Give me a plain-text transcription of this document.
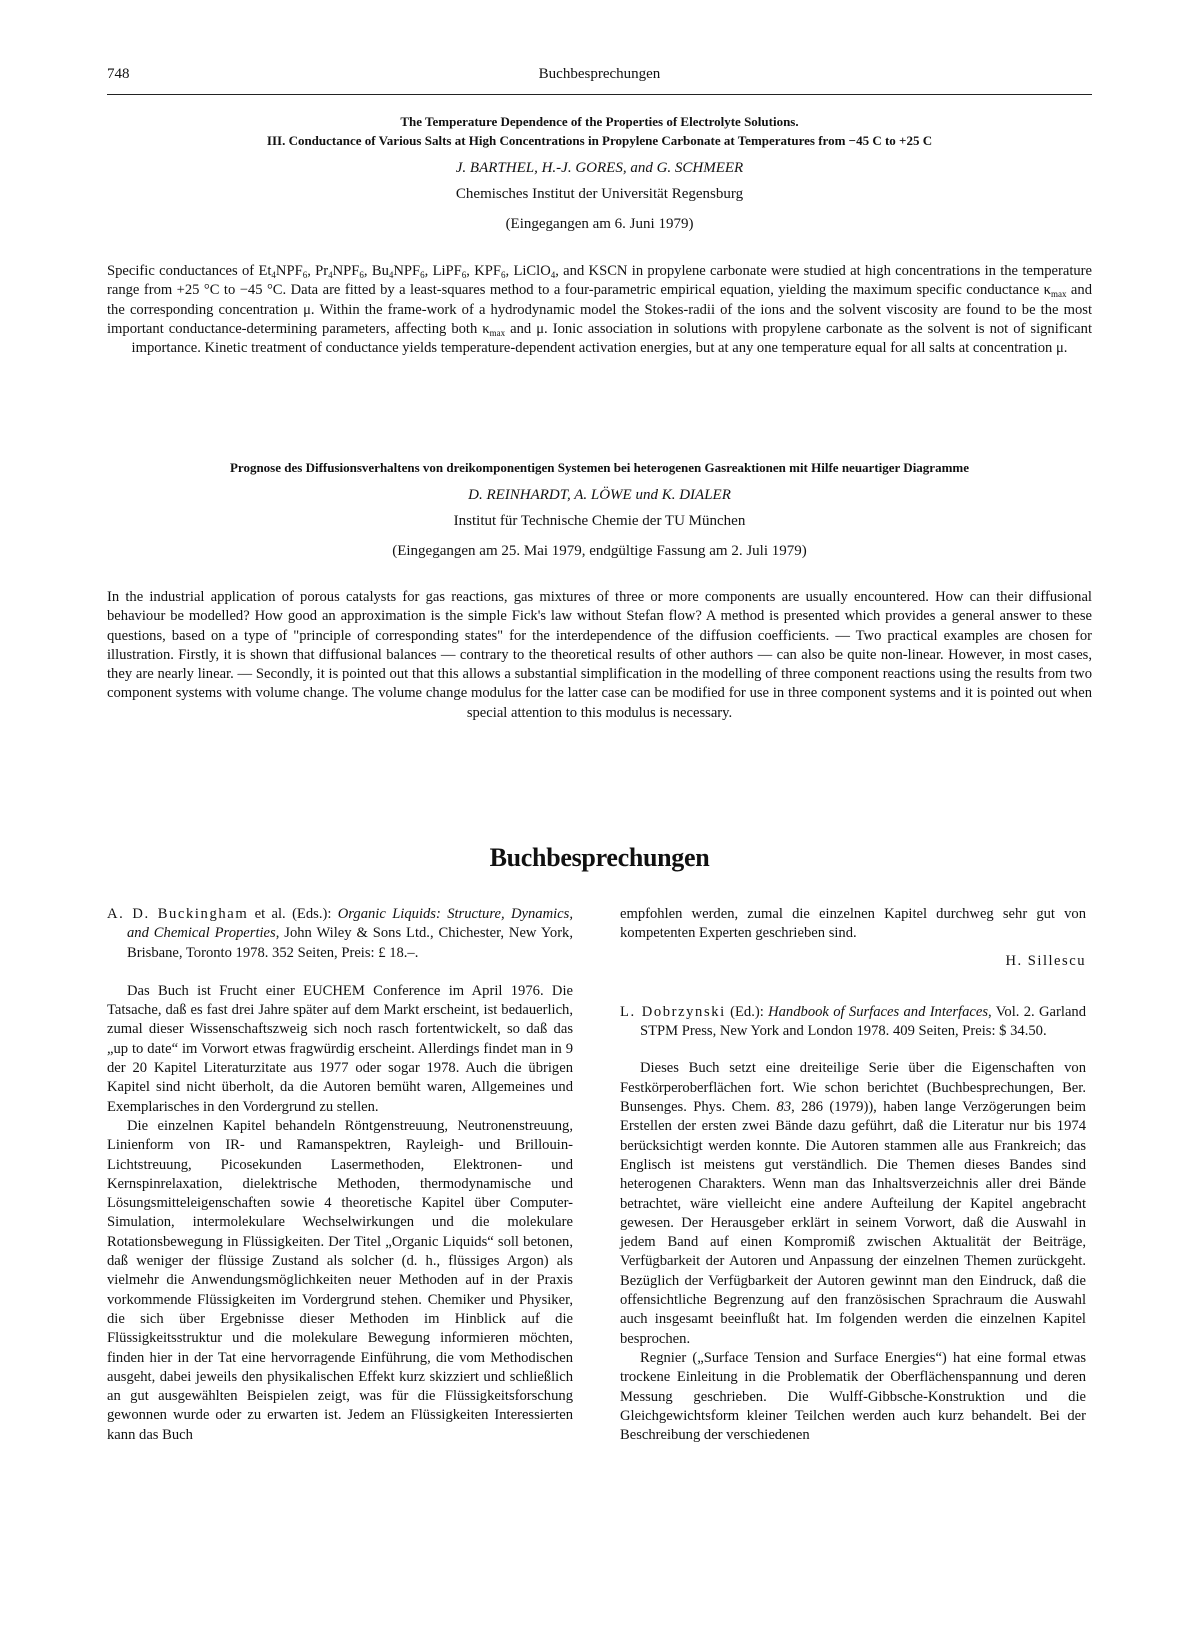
748	Buchbesprechungen

The Temperature Dependence of the Properties of Electrolyte Solutions.
III. Conductance of Various Salts at High Concentrations in Propylene Carbonate at Temperatures from −45 C to +25 C

J. BARTHEL, H.-J. GORES, and G. SCHMEER

Chemisches Institut der Universität Regensburg

(Eingegangen am 6. Juni 1979)

Specific conductances of $Et_4NPF_6$, $Pr_4NPF_6$, $Bu_4NPF_6$, LiPF$_6$, $KPF_6$, LiClO$_4$, and KSCN in propylene carbonate were studied at high concentrations in the temperature range from +25 °C to −45 °C. Data are fitted by a least-squares method to a four-parametric empirical equation, yielding the maximum specific conductance $\kappa_{max}$ and the corresponding concentration μ. Within the frame-work of a hydrodynamic model the Stokes-radii of the ions and the solvent viscosity are found to be the most important conductance-determining parameters, affecting both $\kappa_{max}$ and μ. Ionic association in solutions with propylene carbonate as the solvent is not of significant importance. Kinetic treatment of conductance yields temperature-dependent activation energies, but at any one temperature equal for all salts at concentration μ.

Prognose des Diffusionsverhaltens von dreikomponentigen Systemen bei heterogenen Gasreaktionen mit Hilfe neuartiger Diagramme

D. REINHARDT, A. LÖWE und K. DIALER

Institut für Technische Chemie der TU München

(Eingegangen am 25. Mai 1979, endgültige Fassung am 2. Juli 1979)

In the industrial application of porous catalysts for gas reactions, gas mixtures of three or more components are usually encountered. How can their diffusional behaviour be modelled? How good an approximation is the simple Fick's law without Stefan flow? A method is presented which provides a general answer to these questions, based on a type of "principle of corresponding states" for the interdependence of the diffusion coefficients. — Two practical examples are chosen for illustration. Firstly, it is shown that diffusional balances — contrary to the theoretical results of other authors — can also be quite non-linear. However, in most cases, they are nearly linear. — Secondly, it is pointed out that this allows a substantial simplification in the modelling of three component reactions using the results from two component systems with volume change. The volume change modulus for the latter case can be modified for use in three component systems and it is pointed out when special attention to this modulus is necessary.

Buchbesprechungen

A. D. Buckingham et al. (Eds.): Organic Liquids: Structure, Dynamics, and Chemical Properties, John Wiley & Sons Ltd., Chichester, New York, Brisbane, Toronto 1978. 352 Seiten, Preis: £ 18.–.

Das Buch ist Frucht einer EUCHEM Conference im April 1976. Die Tatsache, daß es fast drei Jahre später auf dem Markt erscheint, ist bedauerlich, zumal dieser Wissenschaftszweig sich noch rasch fortentwickelt, so daß das „up to date“ im Vorwort etwas fragwürdig erscheint. Allerdings findet man in 9 der 20 Kapitel Literaturzitate aus 1977 oder sogar 1978. Auch die übrigen Kapitel sind nicht überholt, da die Autoren bemüht waren, Allgemeines und Exemplarisches in den Vordergrund zu stellen.

Die einzelnen Kapitel behandeln Röntgenstreuung, Neutronenstreuung, Linienform von IR- und Ramanspektren, Rayleigh- und Brillouin-Lichtstreuung, Picosekunden Lasermethoden, Elektronen- und Kernspinrelaxation, dielektrische Methoden, thermodynamische und Lösungsmitteleigenschaften sowie 4 theoretische Kapitel über Computer-Simulation, intermolekulare Wechselwirkungen und die molekulare Rotationsbewegung in Flüssigkeiten. Der Titel „Organic Liquids“ soll betonen, daß weniger der flüssige Zustand als solcher (d. h., flüssiges Argon) als vielmehr die Anwendungsmöglichkeiten neuer Methoden auf in der Praxis vorkommende Flüssigkeiten im Vordergrund stehen. Chemiker und Physiker, die sich über Ergebnisse dieser Methoden im Hinblick auf die Flüssigkeitsstruktur und die molekulare Bewegung informieren möchten, finden hier in der Tat eine hervorragende Einführung, die vom Methodischen ausgeht, dabei jeweils den physikalischen Effekt kurz skizziert und schließlich an gut ausgewählten Beispielen zeigt, was für die Flüssigkeitsforschung gewonnen wurde oder zu erwarten ist. Jedem an Flüssigkeiten Interessierten kann das Buch

empfohlen werden, zumal die einzelnen Kapitel durchweg sehr gut von kompetenten Experten geschrieben sind.

H. Sillescu

L. Dobrzynski (Ed.): Handbook of Surfaces and Interfaces, Vol. 2. Garland STPM Press, New York and London 1978. 409 Seiten, Preis: $ 34.50.

Dieses Buch setzt eine dreiteilige Serie über die Eigenschaften von Festkörperoberflächen fort. Wie schon berichtet (Buchbesprechungen, Ber. Bunsenges. Phys. Chem. 83, 286 (1979)), haben lange Verzögerungen beim Erstellen der ersten zwei Bände dazu geführt, daß die Literatur nur bis 1974 berücksichtigt werden konnte. Die Autoren stammen alle aus Frankreich; das Englisch ist meistens gut verständlich. Die Themen dieses Bandes sind heterogenen Charakters. Wenn man das Inhaltsverzeichnis aller drei Bände betrachtet, wäre vielleicht eine andere Aufteilung der Kapitel angebracht gewesen. Der Herausgeber erklärt in seinem Vorwort, daß die Auswahl in jedem Band auf einen Kompromiß zwischen Aktualität der Beiträge, Verfügbarkeit der Autoren und Anpassung der einzelnen Themen zurückgeht. Bezüglich der Verfügbarkeit der Autoren gewinnt man den Eindruck, daß die offensichtliche Begrenzung auf den französischen Sprachraum die Auswahl auch insgesamt beeinflußt hat. Im folgenden werden die einzelnen Kapitel besprochen.

Regnier („Surface Tension and Surface Energies“) hat eine formal etwas trockene Einleitung in die Problematik der Oberflächenspannung und deren Messung geschrieben. Die Wulff-Gibbsche-Konstruktion und die Gleichgewichtsform kleiner Teilchen werden auch kurz behandelt. Bei der Beschreibung der verschiedenen
